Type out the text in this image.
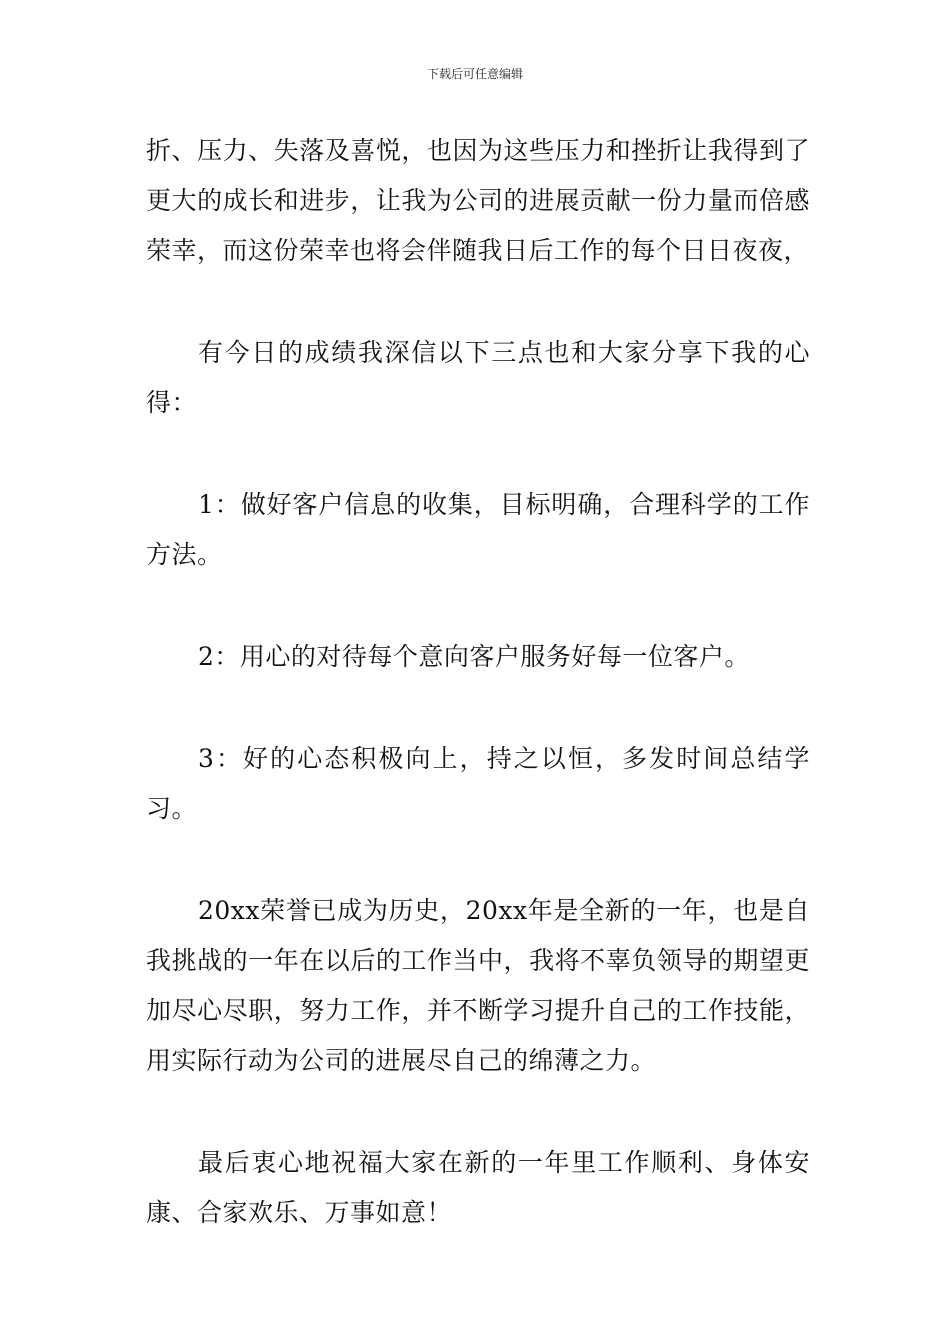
下载后可任意编辑

折、压力、失落及喜悦，也因为这些压力和挫折让我得到了更大的成长和进步，让我为公司的进展贡献一份力量而倍感荣幸，而这份荣幸也将会伴随我日后工作的每个日日夜夜，

有今日的成绩我深信以下三点也和大家分享下我的心得：

1：做好客户信息的收集，目标明确，合理科学的工作方法。

2：用心的对待每个意向客户服务好每一位客户。

3：好的心态积极向上，持之以恒，多发时间总结学习。

20xx荣誉已成为历史，20xx年是全新的一年，也是自我挑战的一年在以后的工作当中，我将不辜负领导的期望更加尽心尽职，努力工作，并不断学习提升自己的工作技能，用实际行动为公司的进展尽自己的绵薄之力。

最后衷心地祝福大家在新的一年里工作顺利、身体安康、合家欢乐、万事如意！
